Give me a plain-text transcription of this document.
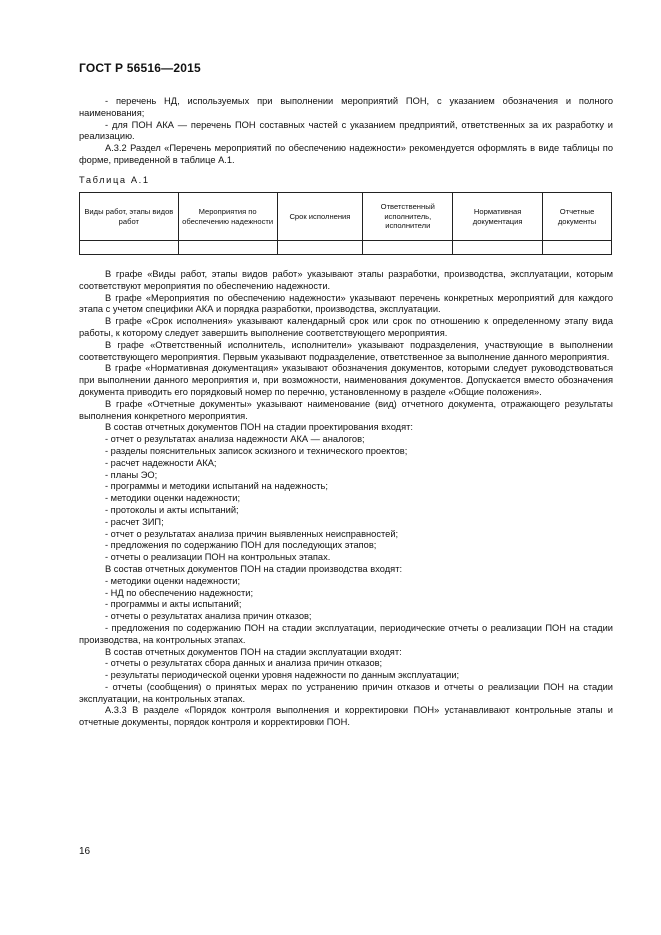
ГОСТ Р 56516—2015

- перечень НД, используемых при выполнении мероприятий ПОН, с указанием обозначения и полного наименования;

- для ПОН АКА — перечень ПОН составных частей с указанием предприятий, ответственных за их разработку и реализацию.

А.3.2 Раздел «Перечень мероприятий по обеспечению надежности» рекомендуется оформлять в виде таблицы по форме, приведенной в таблице А.1.

Таблица А.1
Виды работ, этапы видов работ	Мероприятия по обеспечению надежности	Срок исполнения	Ответственный исполнитель, исполнители	Нормативная документация	Отчетные документы

В графе «Виды работ, этапы видов работ» указывают этапы разработки, производства, эксплуатации, которым соответствуют мероприятия по обеспечению надежности.

В графе «Мероприятия по обеспечению надежности» указывают перечень конкретных мероприятий для каждого этапа с учетом специфики АКА и порядка разработки, производства, эксплуатации.

В графе «Срок исполнения» указывают календарный срок или срок по отношению к определенному этапу вида работы, к которому следует завершить выполнение соответствующего мероприятия.

В графе «Ответственный исполнитель, исполнители» указывают подразделения, участвующие в выполнении соответствующего мероприятия. Первым указывают подразделение, ответственное за выполнение данного мероприятия.

В графе «Нормативная документация» указывают обозначения документов, которыми следует руководствоваться при выполнении данного мероприятия и, при возможности, наименования документов. Допускается вместо обозначения документа приводить его порядковый номер по перечню, установленному в разделе «Общие положения».

В графе «Отчетные документы» указывают наименование (вид) отчетного документа, отражающего результаты выполнения конкретного мероприятия.

В состав отчетных документов ПОН на стадии проектирования входят:

- отчет о результатах анализа надежности АКА — аналогов;

- разделы пояснительных записок эскизного и технического проектов;

- расчет надежности АКА;

- планы ЭО;

- программы и методики испытаний на надежность;

- методики оценки надежности;

- протоколы и акты испытаний;

- расчет ЗИП;

- отчет о результатах анализа причин выявленных неисправностей;

- предложения по содержанию ПОН для последующих этапов;

- отчеты о реализации ПОН на контрольных этапах.

В состав отчетных документов ПОН на стадии производства входят:

- методики оценки надежности;

- НД по обеспечению надежности;

- программы и акты испытаний;

- отчеты о результатах анализа причин отказов;

- предложения по содержанию ПОН на стадии эксплуатации, периодические отчеты о реализации ПОН на стадии производства, на контрольных этапах.

В состав отчетных документов ПОН на стадии эксплуатации входят:

- отчеты о результатах сбора данных и анализа причин отказов;

- результаты периодической оценки уровня надежности по данным эксплуатации;

- отчеты (сообщения) о принятых мерах по устранению причин отказов и отчеты о реализации ПОН на стадии эксплуатации, на контрольных этапах.

А.3.3 В разделе «Порядок контроля выполнения и корректировки ПОН» устанавливают контрольные этапы и отчетные документы, порядок контроля и корректировки ПОН.

16
